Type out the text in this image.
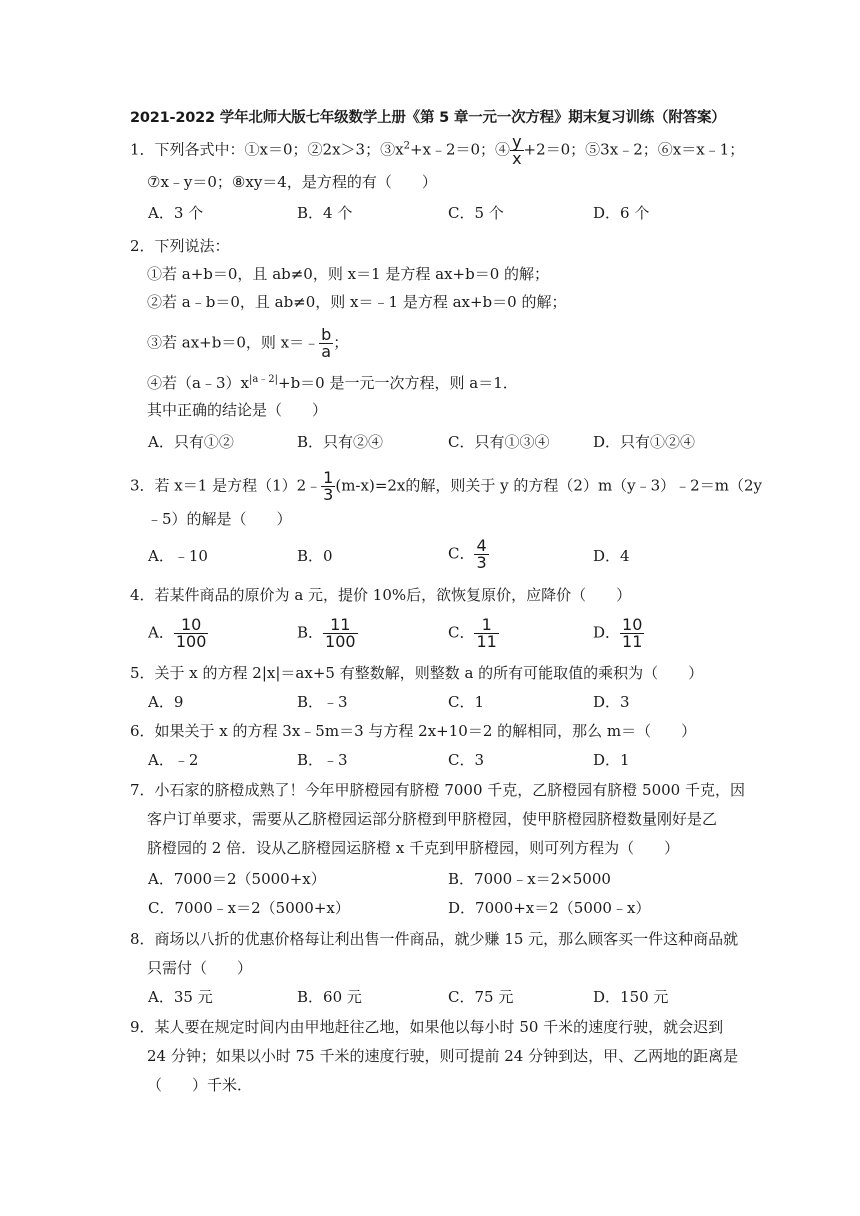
2021-2022 学年北师大版七年级数学上册《第 5 章一元一次方程》期末复习训练（附答案）
1．下列各式中：①x＝0；②2x＞3；$③x^2+x﹣2=0$；④ $\frac{y}{x} +2=0$；⑤3x﹣2；⑥x＝x﹣1；
⑦x﹣y＝0；⑧xy＝4，是方程的有（　　）
A．3 个	B．4 个	C．5 个	D．6 个
2．下列说法：
①若 a+b＝0，且 ab≠0，则 x＝1 是方程 ax+b＝0 的解；
②若 a﹣b＝0，且 ab≠0，则 x＝﹣1 是方程 ax+b＝0 的解；
③若 ax+b＝0，则 x＝﹣ $\frac{b}{a}$ ；
④若$(a﹣3)x^{|a﹣2|}+b=0$ 是一元一次方程，则 a＝1．
其中正确的结论是（　　）
A．只有①②	B．只有②④	C．只有①③④	D．只有①②④
3．若 x＝1 是方程（1）2﹣ $\frac{1}{3} (m-x)=2x$的解，则关于 y 的方程（2）m（y﹣3）﹣2＝m（2y
﹣5）的解是（　　）
A．﹣10	B．0	C． $\frac{4}{3}$	D．4
4．若某件商品的原价为 a 元，提价 10%后，欲恢复原价，应降价（　　）
A． $\frac{10}{100}$	B． $\frac{11}{100}$	C． $\frac{1}{11}$	D． $\frac{10}{11}$
5．关于 x 的方程 2|x|＝ax+5 有整数解，则整数 a 的所有可能取值的乘积为（　　）
A．9	B．﹣3	C．1	D．3
6．如果关于 x 的方程 3x﹣5m＝3 与方程 2x+10＝2 的解相同，那么 m＝（　　）
A．﹣2	B．﹣3	C．3	D．1
7．小石家的脐橙成熟了！今年甲脐橙园有脐橙 7000 千克，乙脐橙园有脐橙 5000 千克，因
客户订单要求，需要从乙脐橙园运部分脐橙到甲脐橙园，使甲脐橙园脐橙数量刚好是乙
脐橙园的 2 倍．设从乙脐橙园运脐橙 x 千克到甲脐橙园，则可列方程为（　　）
A．7000＝2（5000+x）	B．7000﹣x＝2×5000
C．7000﹣x＝2（5000+x）	D．7000+x＝2（5000﹣x）
8．商场以八折的优惠价格每让利出售一件商品，就少赚 15 元，那么顾客买一件这种商品就
只需付（　　）
A．35 元	B．60 元	C．75 元	D．150 元
9．某人要在规定时间内由甲地赶往乙地，如果他以每小时 50 千米的速度行驶，就会迟到
24 分钟；如果以小时 75 千米的速度行驶，则可提前 24 分钟到达，甲、乙两地的距离是
（　　）千米．
